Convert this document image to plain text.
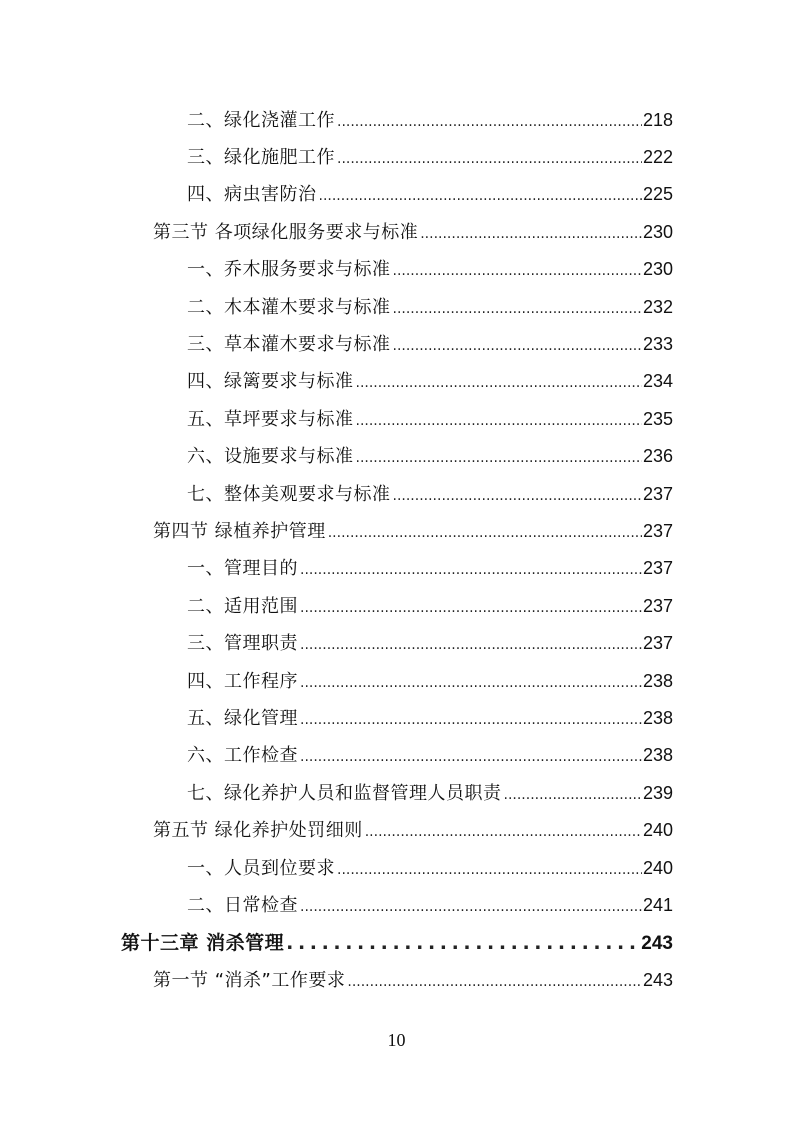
二、绿化浇灌工作 .....	218
三、绿化施肥工作 .....	222
四、病虫害防治 .....	225
第三节 各项绿化服务要求与标准 .....	230
一、乔木服务要求与标准 .....	230
二、木本灌木要求与标准 .....	232
三、草本灌木要求与标准 .....	233
四、绿篱要求与标准 .....	234
五、草坪要求与标准 .....	235
六、设施要求与标准 .....	236
七、整体美观要求与标准 .....	237
第四节 绿植养护管理 .....	237
一、管理目的 .....	237
二、适用范围 .....	237
三、管理职责 .....	237
四、工作程序 .....	238
五、绿化管理 .....	238
六、工作检查 .....	238
七、绿化养护人员和监督管理人员职责 .....	239
第五节 绿化养护处罚细则 .....	240
一、人员到位要求 .....	240
二、日常检查 .....	241
第十三章 消杀管理 .....	243
第一节 “消杀”工作要求 .....	243
10
